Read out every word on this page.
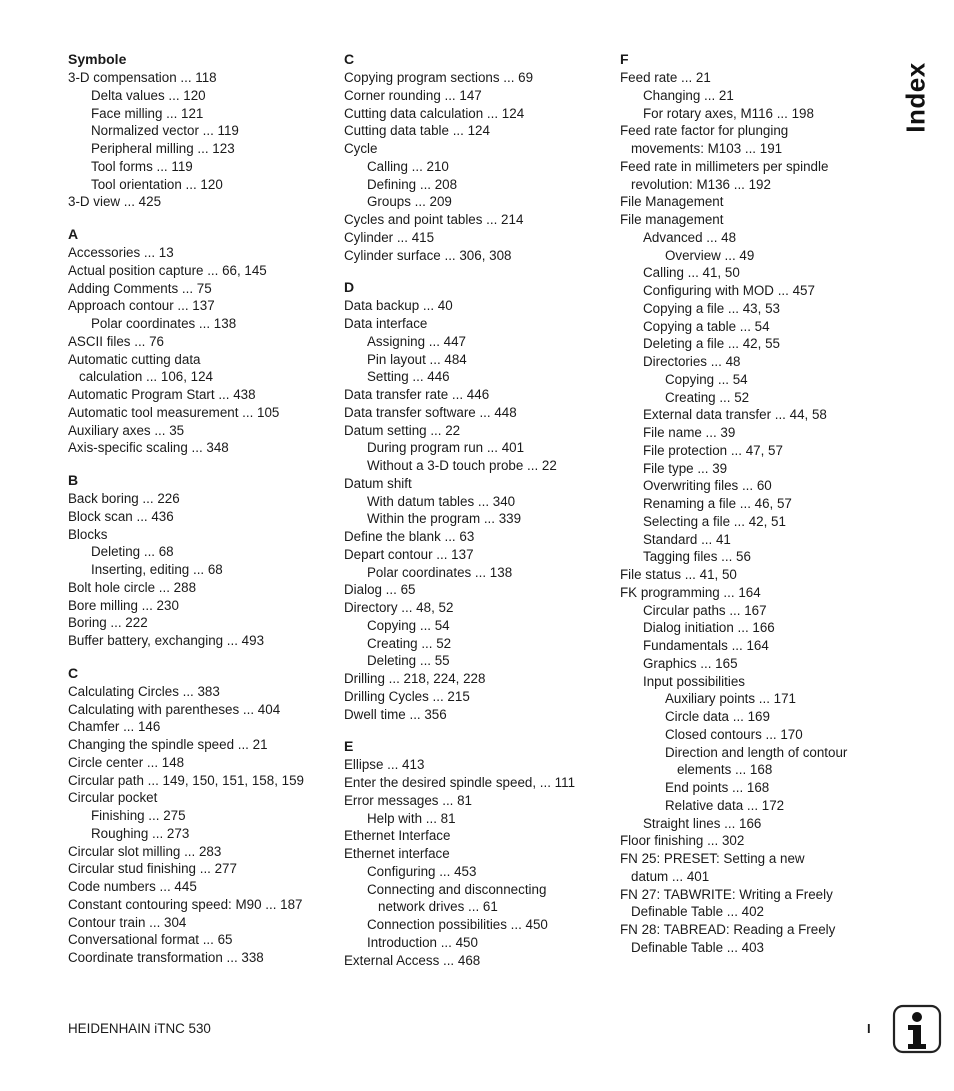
Symbole
3-D compensation ... 118
Delta values ... 120
Face milling ... 121
Normalized vector ... 119
Peripheral milling ... 123
Tool forms ... 119
Tool orientation ... 120
3-D view ... 425
A
Accessories ... 13
Actual position capture ... 66, 145
Adding Comments ... 75
Approach contour ... 137
Polar coordinates ... 138
ASCII files ... 76
Automatic cutting data
calculation ... 106, 124
Automatic Program Start ... 438
Automatic tool measurement ... 105
Auxiliary axes ... 35
Axis-specific scaling ... 348
B
Back boring ... 226
Block scan ... 436
Blocks
Deleting ... 68
Inserting, editing ... 68
Bolt hole circle ... 288
Bore milling ... 230
Boring ... 222
Buffer battery, exchanging ... 493
C
Calculating Circles ... 383
Calculating with parentheses ... 404
Chamfer ... 146
Changing the spindle speed ... 21
Circle center ... 148
Circular path ... 149, 150, 151, 158, 159
Circular pocket
Finishing ... 275
Roughing ... 273
Circular slot milling ... 283
Circular stud finishing ... 277
Code numbers ... 445
Constant contouring speed: M90 ... 187
Contour train ... 304
Conversational format ... 65
Coordinate transformation ... 338
C
Copying program sections ... 69
Corner rounding ... 147
Cutting data calculation ... 124
Cutting data table ... 124
Cycle
Calling ... 210
Defining ... 208
Groups ... 209
Cycles and point tables ... 214
Cylinder ... 415
Cylinder surface ... 306, 308
D
Data backup ... 40
Data interface
Assigning ... 447
Pin layout ... 484
Setting ... 446
Data transfer rate ... 446
Data transfer software ... 448
Datum setting ... 22
During program run ... 401
Without a 3-D touch probe ... 22
Datum shift
With datum tables ... 340
Within the program ... 339
Define the blank ... 63
Depart contour ... 137
Polar coordinates ... 138
Dialog ... 65
Directory ... 48, 52
Copying ... 54
Creating ... 52
Deleting ... 55
Drilling ... 218, 224, 228
Drilling Cycles ... 215
Dwell time ... 356
E
Ellipse ... 413
Enter the desired spindle speed, ... 111
Error messages ... 81
Help with ... 81
Ethernet Interface
Ethernet interface
Configuring ... 453
Connecting and disconnecting
network drives ... 61
Connection possibilities ... 450
Introduction ... 450
External Access ... 468
F
Feed rate ... 21
Changing ... 21
For rotary axes, M116 ... 198
Feed rate factor for plunging
movements: M103 ... 191
Feed rate in millimeters per spindle
revolution: M136 ... 192
File Management
File management
Advanced ... 48
Overview ... 49
Calling ... 41, 50
Configuring with MOD ... 457
Copying a file ... 43, 53
Copying a table ... 54
Deleting a file ... 42, 55
Directories ... 48
Copying ... 54
Creating ... 52
External data transfer ... 44, 58
File name ... 39
File protection ... 47, 57
File type ... 39
Overwriting files ... 60
Renaming a file ... 46, 57
Selecting a file ... 42, 51
Standard ... 41
Tagging files ... 56
File status ... 41, 50
FK programming ... 164
Circular paths ... 167
Dialog initiation ... 166
Fundamentals ... 164
Graphics ... 165
Input possibilities
Auxiliary points ... 171
Circle data ... 169
Closed contours ... 170
Direction and length of contour
elements ... 168
End points ... 168
Relative data ... 172
Straight lines ... 166
Floor finishing ... 302
FN 25: PRESET: Setting a new
datum ... 401
FN 27: TABWRITE: Writing a Freely
Definable Table ... 402
FN 28: TABREAD: Reading a Freely
Definable Table ... 403
Index
HEIDENHAIN iTNC 530	I
